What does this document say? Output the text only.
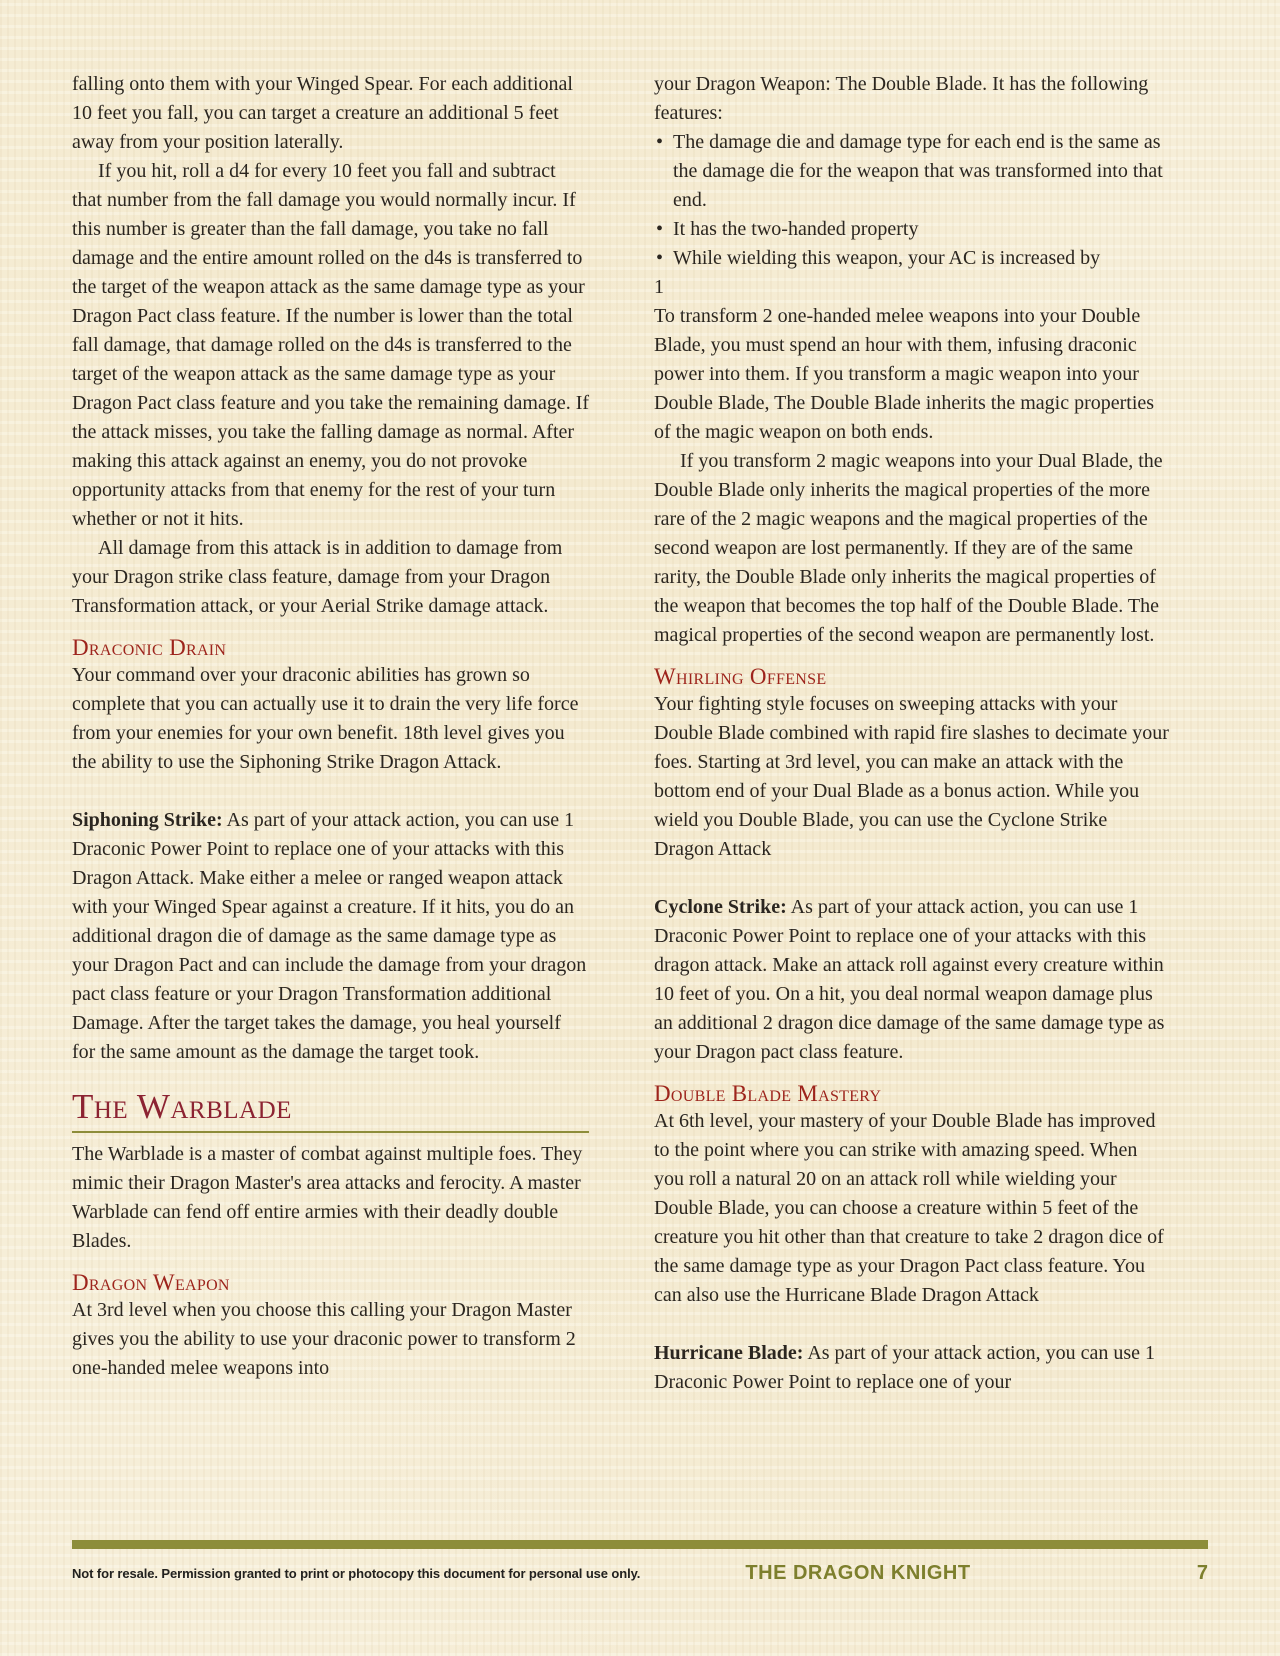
falling onto them with your Winged Spear. For each additional 10 feet you fall, you can target a creature an additional 5 feet away from your position laterally.

If you hit, roll a d4 for every 10 feet you fall and subtract that number from the fall damage you would normally incur. If this number is greater than the fall damage, you take no fall damage and the entire amount rolled on the d4s is transferred to the target of the weapon attack as the same damage type as your Dragon Pact class feature. If the number is lower than the total fall damage, that damage rolled on the d4s is transferred to the target of the weapon attack as the same damage type as your Dragon Pact class feature and you take the remaining damage. If the attack misses, you take the falling damage as normal. After making this attack against an enemy, you do not provoke opportunity attacks from that enemy for the rest of your turn whether or not it hits.

All damage from this attack is in addition to damage from your Dragon strike class feature, damage from your Dragon Transformation attack, or your Aerial Strike damage attack.

Draconic Drain

Your command over your draconic abilities has grown so complete that you can actually use it to drain the very life force from your enemies for your own benefit. 18th level gives you the ability to use the Siphoning Strike Dragon Attack.

Siphoning Strike: As part of your attack action, you can use 1 Draconic Power Point to replace one of your attacks with this Dragon Attack. Make either a melee or ranged weapon attack with your Winged Spear against a creature. If it hits, you do an additional dragon die of damage as the same damage type as your Dragon Pact and can include the damage from your dragon pact class feature or your Dragon Transformation additional Damage. After the target takes the damage, you heal yourself for the same amount as the damage the target took.

The Warblade

The Warblade is a master of combat against multiple foes. They mimic their Dragon Master's area attacks and ferocity. A master Warblade can fend off entire armies with their deadly double Blades.

Dragon Weapon

At 3rd level when you choose this calling your Dragon Master gives you the ability to use your draconic power to transform 2 one-handed melee weapons into

your Dragon Weapon: The Double Blade. It has the following features:

• The damage die and damage type for each end is the same as the damage die for the weapon that was transformed into that end.
• It has the two-handed property
• While wielding this weapon, your AC is increased by

1

To transform 2 one-handed melee weapons into your Double Blade, you must spend an hour with them, infusing draconic power into them. If you transform a magic weapon into your Double Blade, The Double Blade inherits the magic properties of the magic weapon on both ends.

If you transform 2 magic weapons into your Dual Blade, the Double Blade only inherits the magical properties of the more rare of the 2 magic weapons and the magical properties of the second weapon are lost permanently. If they are of the same rarity, the Double Blade only inherits the magical properties of the weapon that becomes the top half of the Double Blade. The magical properties of the second weapon are permanently lost.

Whirling Offense

Your fighting style focuses on sweeping attacks with your Double Blade combined with rapid fire slashes to decimate your foes. Starting at 3rd level, you can make an attack with the bottom end of your Dual Blade as a bonus action. While you wield you Double Blade, you can use the Cyclone Strike Dragon Attack

Cyclone Strike: As part of your attack action, you can use 1 Draconic Power Point to replace one of your attacks with this dragon attack. Make an attack roll against every creature within 10 feet of you. On a hit, you deal normal weapon damage plus an additional 2 dragon dice damage of the same damage type as your Dragon pact class feature.

Double Blade Mastery

At 6th level, your mastery of your Double Blade has improved to the point where you can strike with amazing speed. When you roll a natural 20 on an attack roll while wielding your Double Blade, you can choose a creature within 5 feet of the creature you hit other than that creature to take 2 dragon dice of the same damage type as your Dragon Pact class feature. You can also use the Hurricane Blade Dragon Attack

Hurricane Blade: As part of your attack action, you can use 1 Draconic Power Point to replace one of your

Not for resale. Permission granted to print or photocopy this document for personal use only.	THE DRAGON KNIGHT	7
